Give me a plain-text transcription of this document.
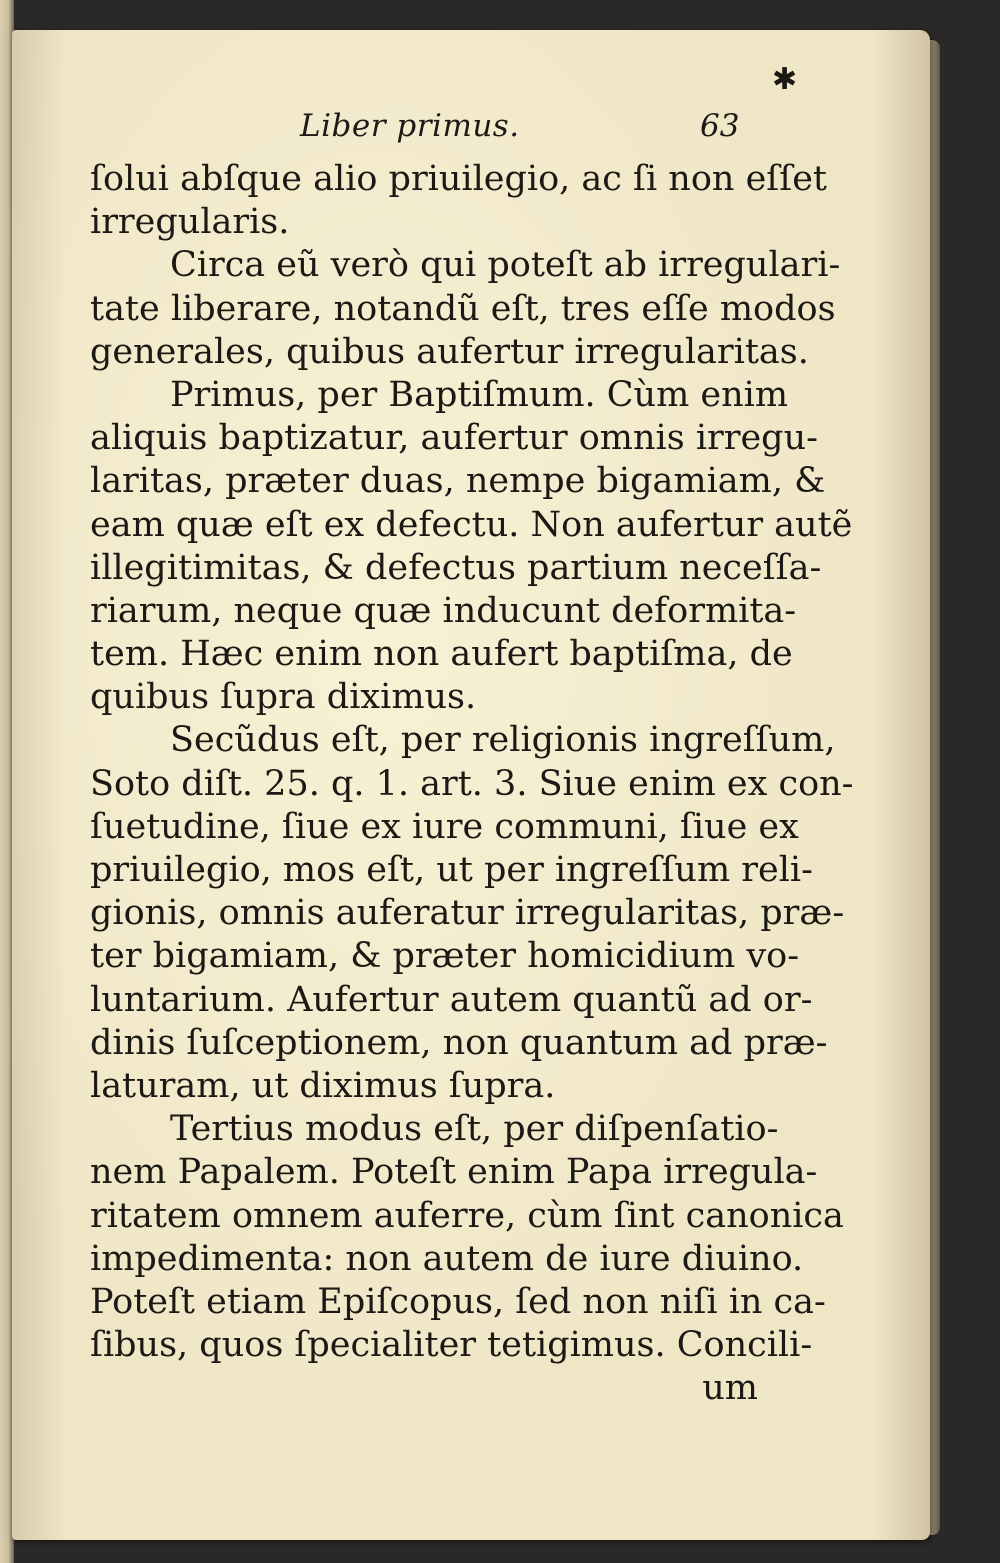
✱
Liber primus.	63
ſolui abſque alio priuilegio, ac ſi non eſſet
irregularis.
Circa eũ verò qui poteſt ab irregulari-
tate liberare, notandũ eſt, tres eſſe modos
generales, quibus aufertur irregularitas.
Primus, per Baptiſmum. Cùm enim
aliquis baptizatur, aufertur omnis irregu-
laritas, præter duas, nempe bigamiam, &
eam quæ eſt ex defectu. Non aufertur autẽ
illegitimitas, & defectus partium neceſſa-
riarum, neque quæ inducunt deformita-
tem. Hæc enim non aufert baptiſma, de
quibus ſupra diximus.
Secũdus eſt, per religionis ingreſſum,
Soto diſt. 25. q. 1. art. 3. Siue enim ex con-
ſuetudine, ſiue ex iure communi, ſiue ex
priuilegio, mos eſt, ut per ingreſſum reli-
gionis, omnis auferatur irregularitas, præ-
ter bigamiam, & præter homicidium vo-
luntarium. Aufertur autem quantũ ad or-
dinis ſuſceptionem, non quantum ad præ-
laturam, ut diximus ſupra.
Tertius modus eſt, per diſpenſatio-
nem Papalem. Poteſt enim Papa irregula-
ritatem omnem auferre, cùm ſint canonica
impedimenta: non autem de iure diuino.
Poteſt etiam Epiſcopus, ſed non niſi in ca-
ſibus, quos ſpecialiter tetigimus. Concili-
um
